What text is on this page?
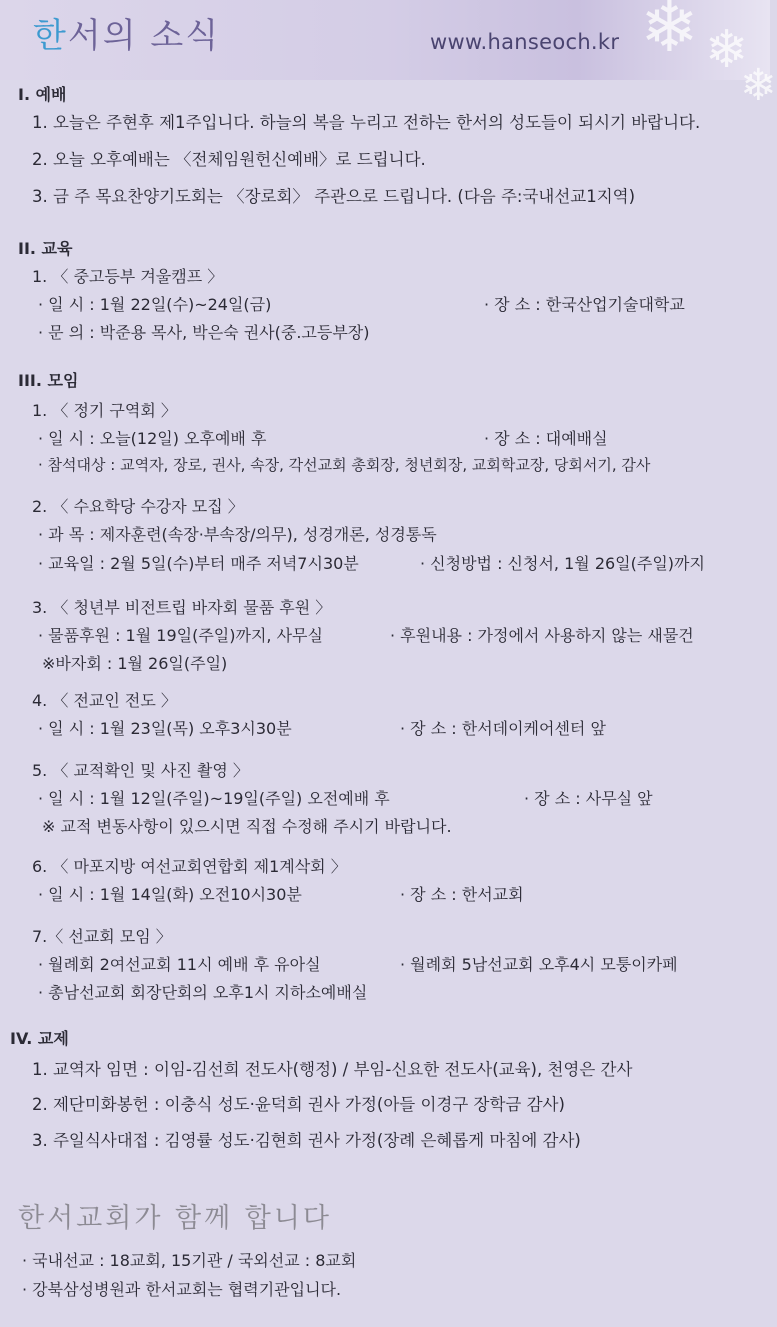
❄ ❄
❄
한서의 소식	www.hanseoch.kr
I. 예배
1. 오늘은 주현후 제1주입니다. 하늘의 복을 누리고 전하는 한서의 성도들이 되시기 바랍니다.
2. 오늘 오후예배는 〈전체임원헌신예배〉로 드립니다.
3. 금 주 목요찬양기도회는 〈장로회〉 주관으로 드립니다. (다음 주:국내선교1지역)
II. 교육
1. 〈 중고등부 겨울캠프 〉
· 일 시 : 1월 22일(수)~24일(금)	· 장 소 : 한국산업기술대학교
· 문 의 : 박준용 목사, 박은숙 권사(중.고등부장)
III. 모임
1. 〈 정기 구역회 〉
· 일 시 : 오늘(12일) 오후예배 후	· 장 소 : 대예배실
· 참석대상 : 교역자, 장로, 권사, 속장, 각선교회 총회장, 청년회장, 교회학교장, 당회서기, 감사
2. 〈 수요학당 수강자 모집 〉
· 과 목 : 제자훈련(속장·부속장/의무), 성경개론, 성경통독
· 교육일 : 2월 5일(수)부터 매주 저녁7시30분	· 신청방법 : 신청서, 1월 26일(주일)까지
3. 〈 청년부 비전트립 바자회 물품 후원 〉
· 물품후원 : 1월 19일(주일)까지, 사무실	· 후원내용 : 가정에서 사용하지 않는 새물건
※바자회 : 1월 26일(주일)
4. 〈 전교인 전도 〉
· 일 시 : 1월 23일(목) 오후3시30분	· 장 소 : 한서데이케어센터 앞
5. 〈 교적확인 및 사진 촬영 〉
· 일 시 : 1월 12일(주일)~19일(주일) 오전예배 후	· 장 소 : 사무실 앞
※ 교적 변동사항이 있으시면 직접 수정해 주시기 바랍니다.
6. 〈 마포지방 여선교회연합회 제1계삭회 〉
· 일 시 : 1월 14일(화) 오전10시30분	· 장 소 : 한서교회
7.〈 선교회 모임 〉
· 월례회 2여선교회 11시 예배 후 유아실	· 월례회 5남선교회 오후4시 모퉁이카페
· 총남선교회 회장단회의 오후1시 지하소예배실
IV. 교제
1. 교역자 임면 : 이임-김선희 전도사(행정) / 부임-신요한 전도사(교육), 천영은 간사
2. 제단미화봉헌 : 이충식 성도·윤덕희 권사 가정(아들 이경구 장학금 감사)
3. 주일식사대접 : 김영률 성도·김현희 권사 가정(장례 은혜롭게 마침에 감사)
한서교회가 함께 합니다
· 국내선교 : 18교회, 15기관 / 국외선교 : 8교회
· 강북삼성병원과 한서교회는 협력기관입니다.
